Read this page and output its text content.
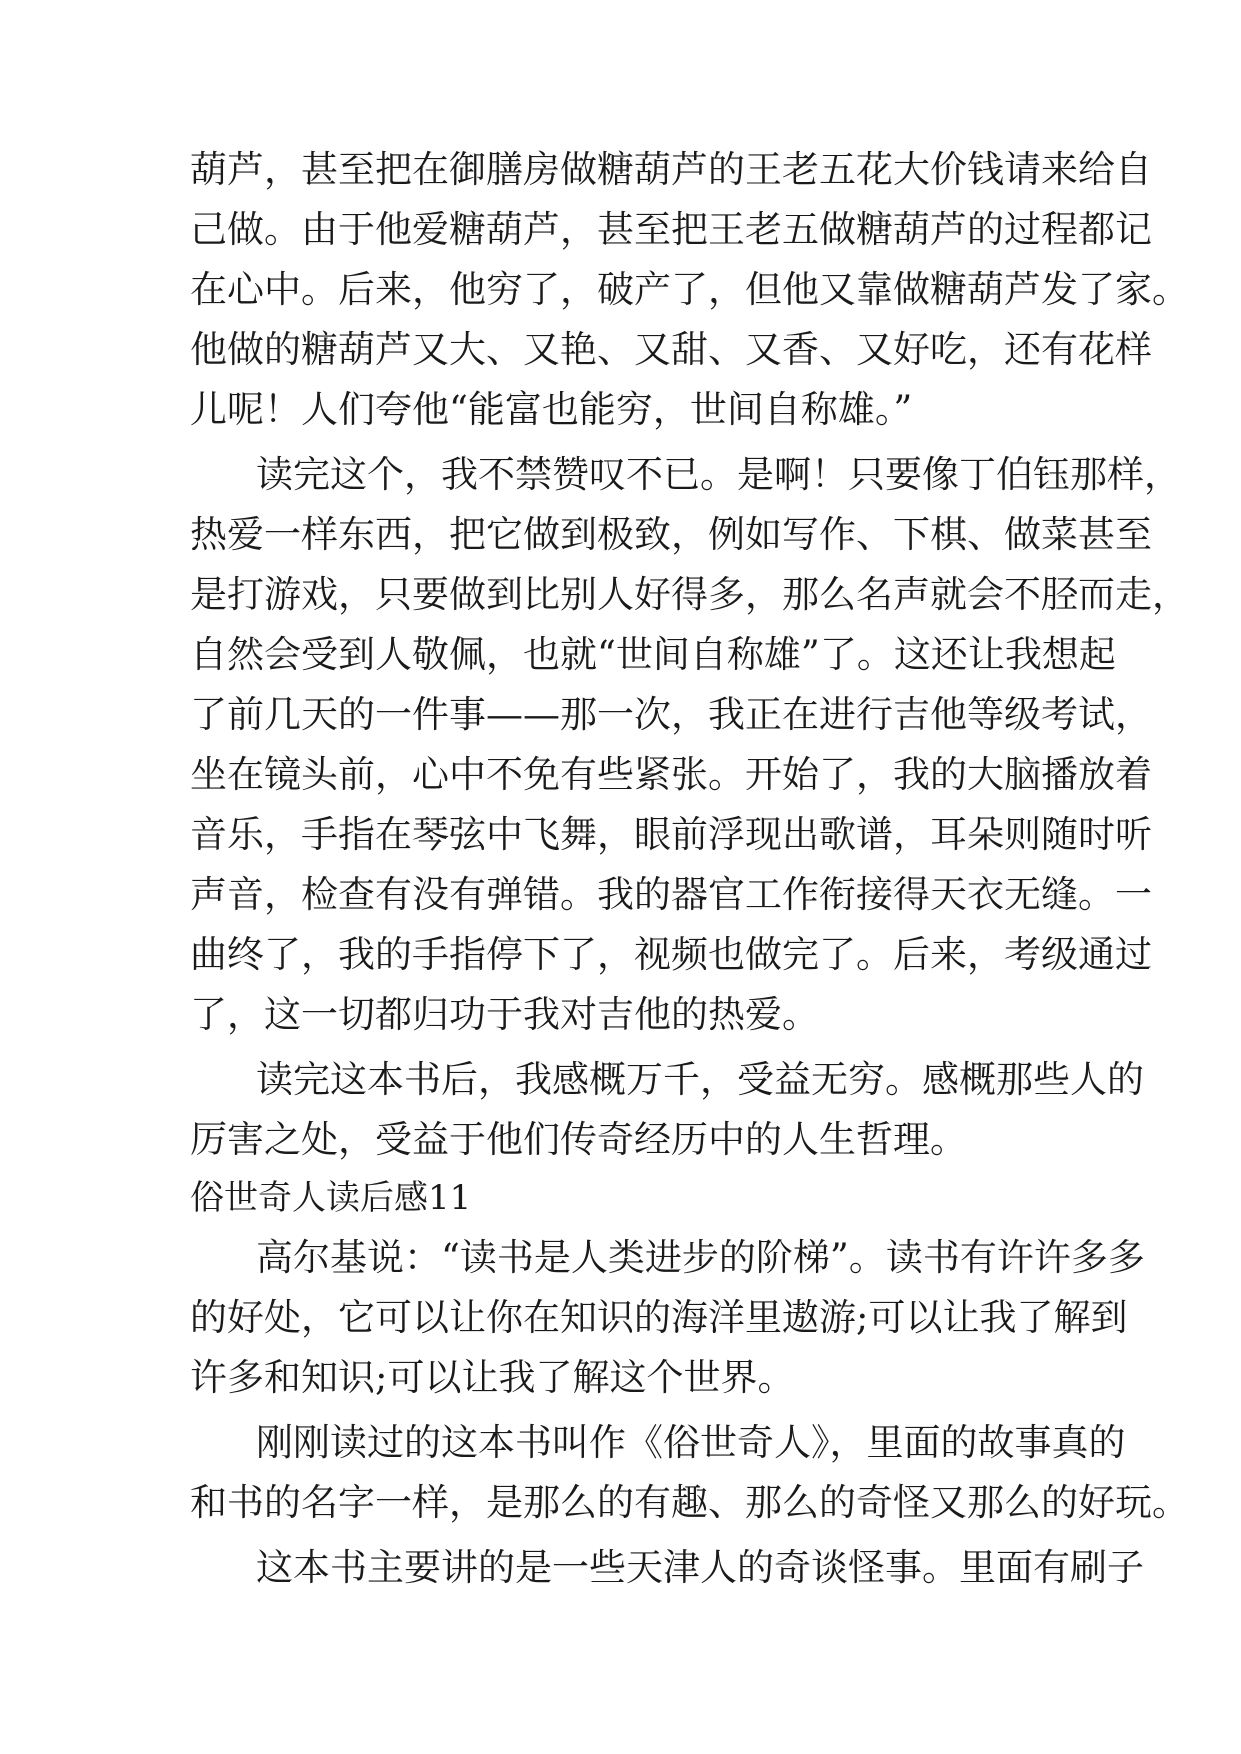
葫芦，甚至把在御膳房做糖葫芦的王老五花大价钱请来给自
己做。由于他爱糖葫芦，甚至把王老五做糖葫芦的过程都记
在心中。后来，他穷了，破产了，但他又靠做糖葫芦发了家。
他做的糖葫芦又大、又艳、又甜、又香、又好吃，还有花样
儿呢！人们夸他“能富也能穷，世间自称雄。”
读完这个，我不禁赞叹不已。是啊！只要像丁伯钰那样，
热爱一样东西，把它做到极致，例如写作、下棋、做菜甚至
是打游戏，只要做到比别人好得多，那么名声就会不胫而走，
自然会受到人敬佩，也就“世间自称雄”了。这还让我想起
了前几天的一件事——那一次，我正在进行吉他等级考试，
坐在镜头前，心中不免有些紧张。开始了，我的大脑播放着
音乐，手指在琴弦中飞舞，眼前浮现出歌谱，耳朵则随时听
声音，检查有没有弹错。我的器官工作衔接得天衣无缝。一
曲终了，我的手指停下了，视频也做完了。后来，考级通过
了，这一切都归功于我对吉他的热爱。
读完这本书后，我感概万千，受益无穷。感概那些人的
厉害之处，受益于他们传奇经历中的人生哲理。
俗世奇人读后感11
高尔基说：“读书是人类进步的阶梯”。读书有许许多多
的好处，它可以让你在知识的海洋里遨游;可以让我了解到
许多和知识;可以让我了解这个世界。
刚刚读过的这本书叫作《俗世奇人》，里面的故事真的
和书的名字一样，是那么的有趣、那么的奇怪又那么的好玩。
这本书主要讲的是一些天津人的奇谈怪事。里面有刷子
